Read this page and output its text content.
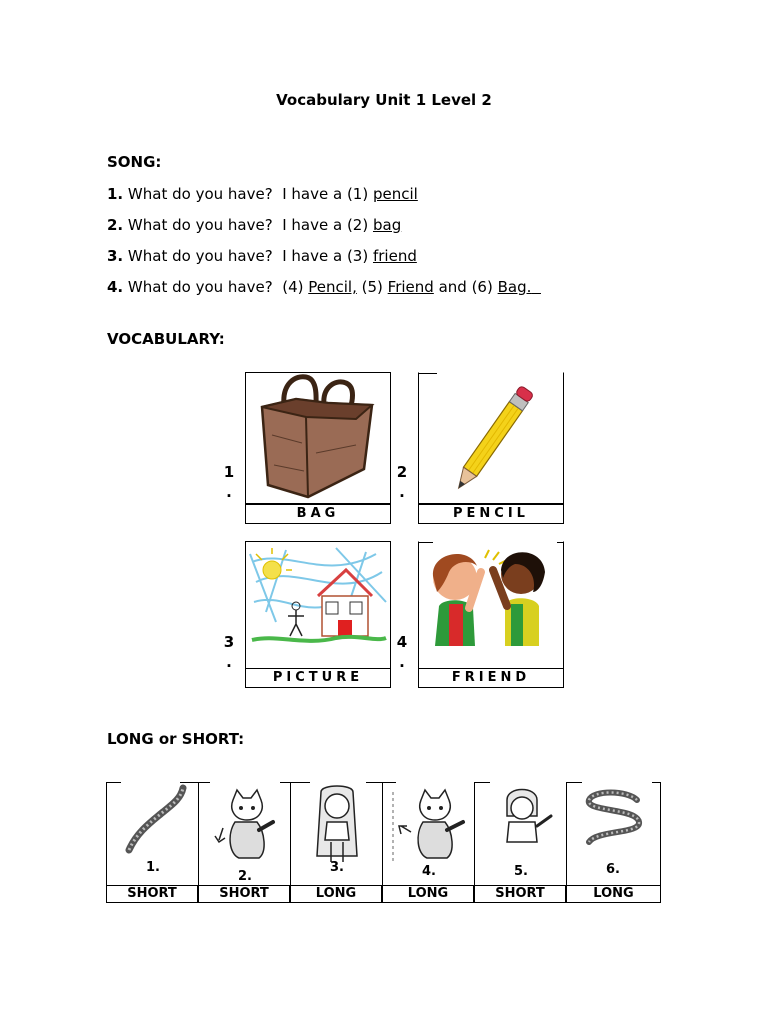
Vocabulary Unit 1 Level 2
SONG:
1. What do you have? I have a (1) pencil
2. What do you have? I have a (2) bag
3. What do you have? I have a (3) friend
4. What do you have? (4) Pencil, (5) Friend and (6) Bag.
VOCABULARY:
1
.
BAG
2
.
PENCIL
3
.
PICTURE
4
.
FRIEND
LONG or SHORT:
1.
SHORT
2.
SHORT
3.
LONG
4.
LONG
5.
SHORT
6.
LONG
